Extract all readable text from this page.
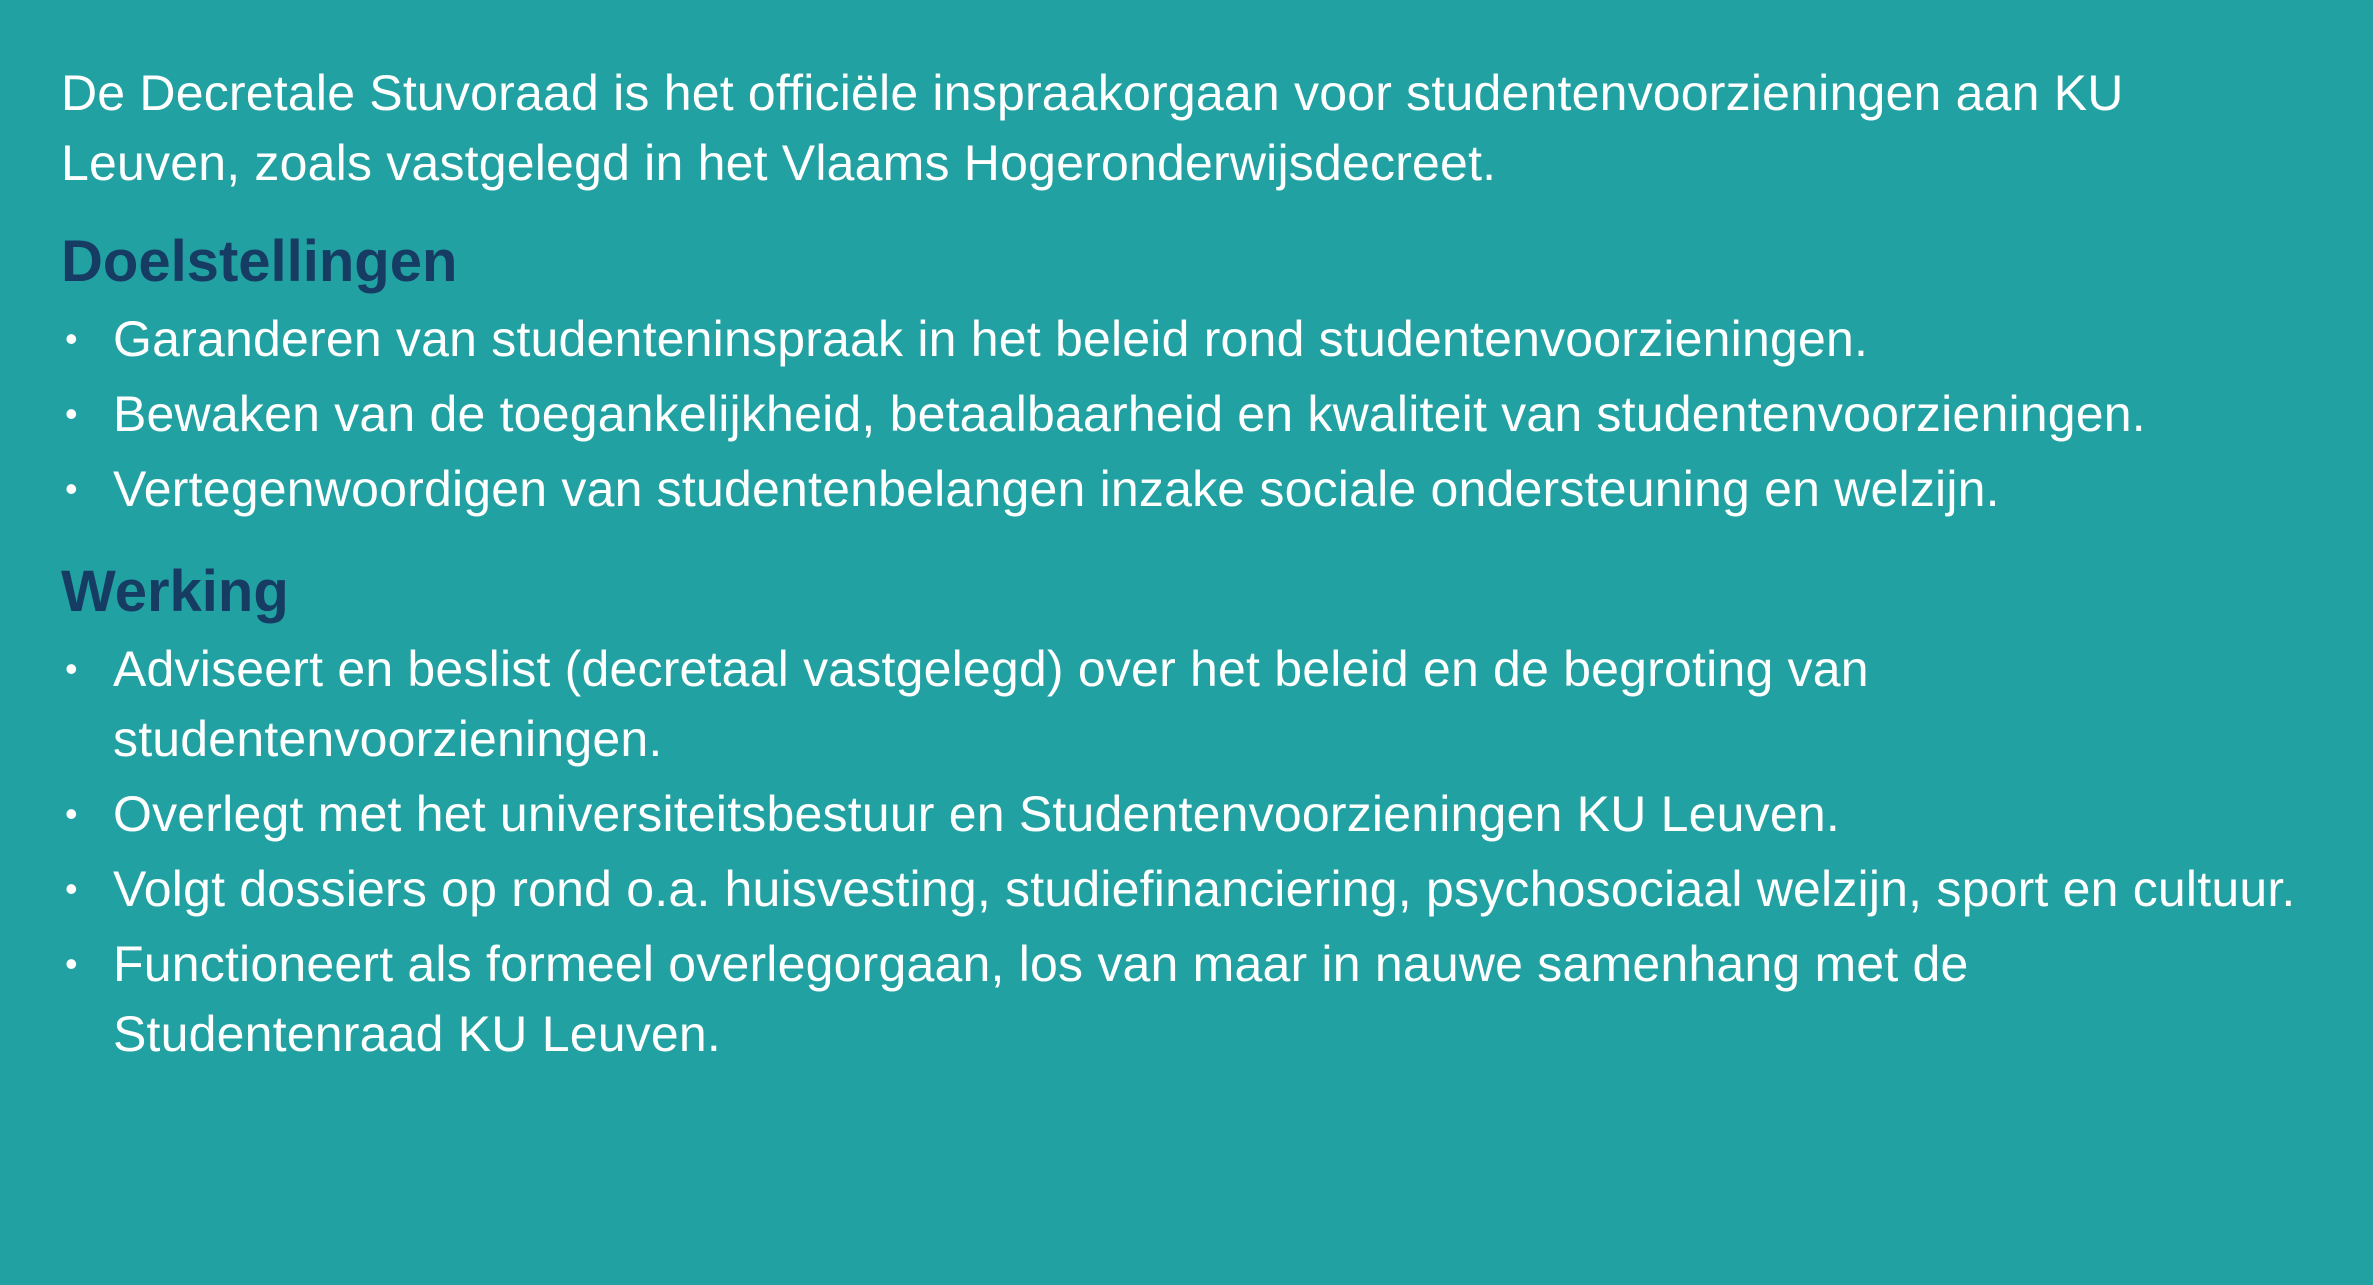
De Decretale Stuvoraad is het officiële inspraakorgaan voor studentenvoorzieningen aan KU Leuven, zoals vastgelegd in het Vlaams Hogeronderwijsdecreet.

Doelstellingen
• Garanderen van studenteninspraak in het beleid rond studentenvoorzieningen.
• Bewaken van de toegankelijkheid, betaalbaarheid en kwaliteit van studentenvoorzieningen.
• Vertegenwoordigen van studentenbelangen inzake sociale ondersteuning en welzijn.
Werking
• Adviseert en beslist (decretaal vastgelegd) over het beleid en de begroting van studentenvoorzieningen.
• Overlegt met het universiteitsbestuur en Studentenvoorzieningen KU Leuven.
• Volgt dossiers op rond o.a. huisvesting, studiefinanciering, psychosociaal welzijn, sport en cultuur.
• Functioneert als formeel overlegorgaan, los van maar in nauwe samenhang met de Studentenraad KU Leuven.
